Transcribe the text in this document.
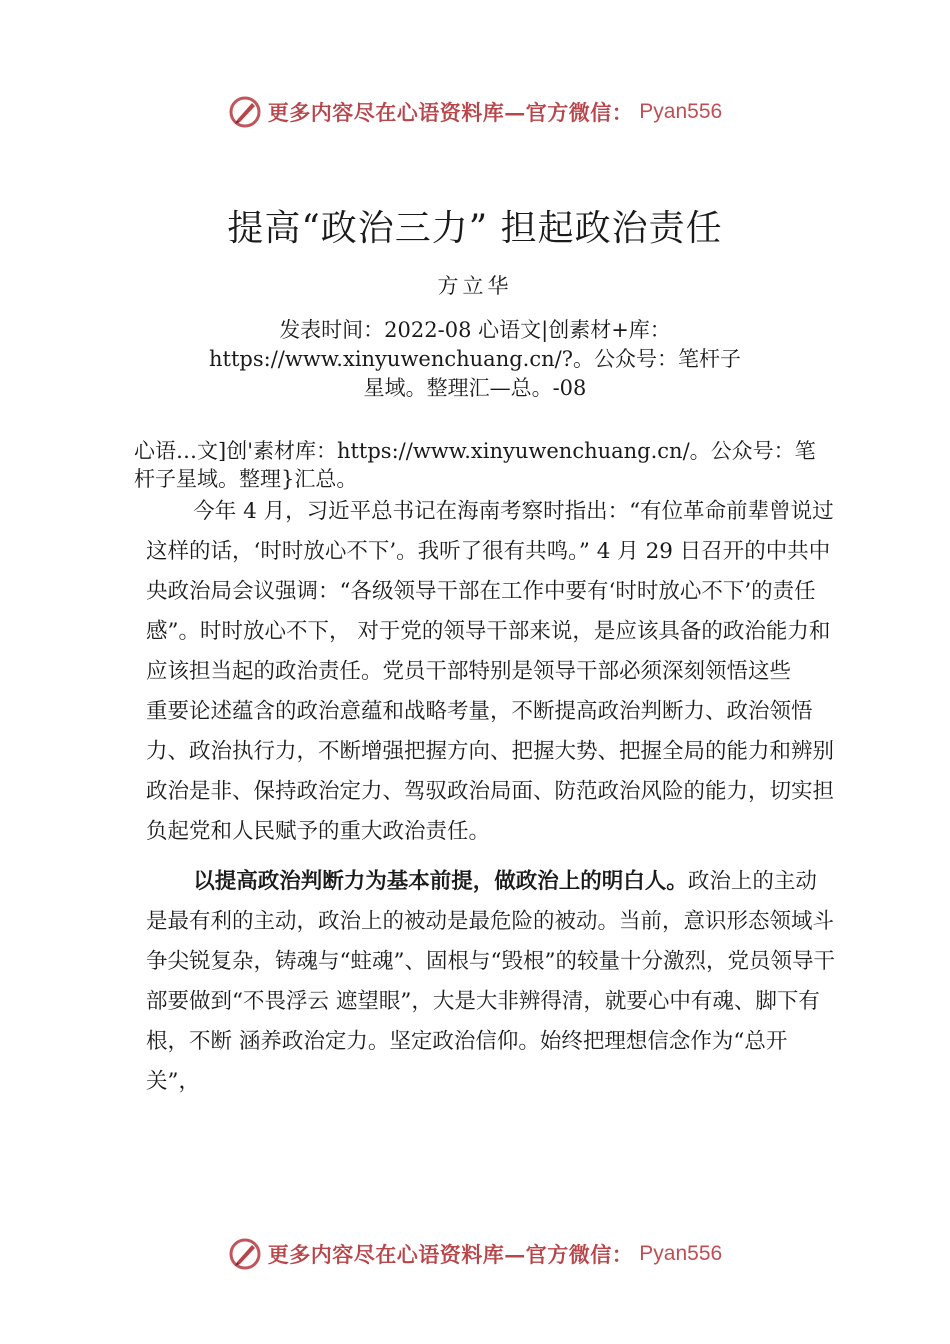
更多内容尽在心语资料库—官方微信： Pyan556
提高“政治三力” 担起政治责任
方立华
发表时间：2022-08 心语文|创素材+库：https://www.xinyuwenchuang.cn/?。公众号：笔杆子星域。整理汇—总。-08
心语…文]创'素材库：https://www.xinyuwenchuang.cn/。公众号：笔杆子星域。整理}汇总。

今年 4 月，习近平总书记在海南考察时指出：“有位革命前辈曾说过这样的话，‘时时放心不下’。我听了很有共鸣。” 4 月 29 日召开的中共中央政治局会议强调：“各级领导干部在工作中要有‘时时放心不下’的责任感”。时时放心不下， 对于党的领导干部来说，是应该具备的政治能力和应该担当起的政治责任。党员干部特别是领导干部必须深刻领悟这些

重要论述蕴含的政治意蕴和战略考量，不断提高政治判断力、政治领悟力、政治执行力，不断增强把握方向、把握大势、把握全局的能力和辨别政治是非、保持政治定力、驾驭政治局面、防范政治风险的能力，切实担负起党和人民赋予的重大政治责任。

以提高政治判断力为基本前提，做政治上的明白人。政治上的主动是最有利的主动，政治上的被动是最危险的被动。当前，意识形态领域斗争尖锐复杂，铸魂与“蛀魂”、固根与“毁根”的较量十分激烈，党员领导干部要做到“不畏浮云 遮望眼”，大是大非辨得清，就要心中有魂、脚下有根，不断 涵养政治定力。坚定政治信仰。始终把理想信念作为“总开关”，

更多内容尽在心语资料库—官方微信： Pyan556
